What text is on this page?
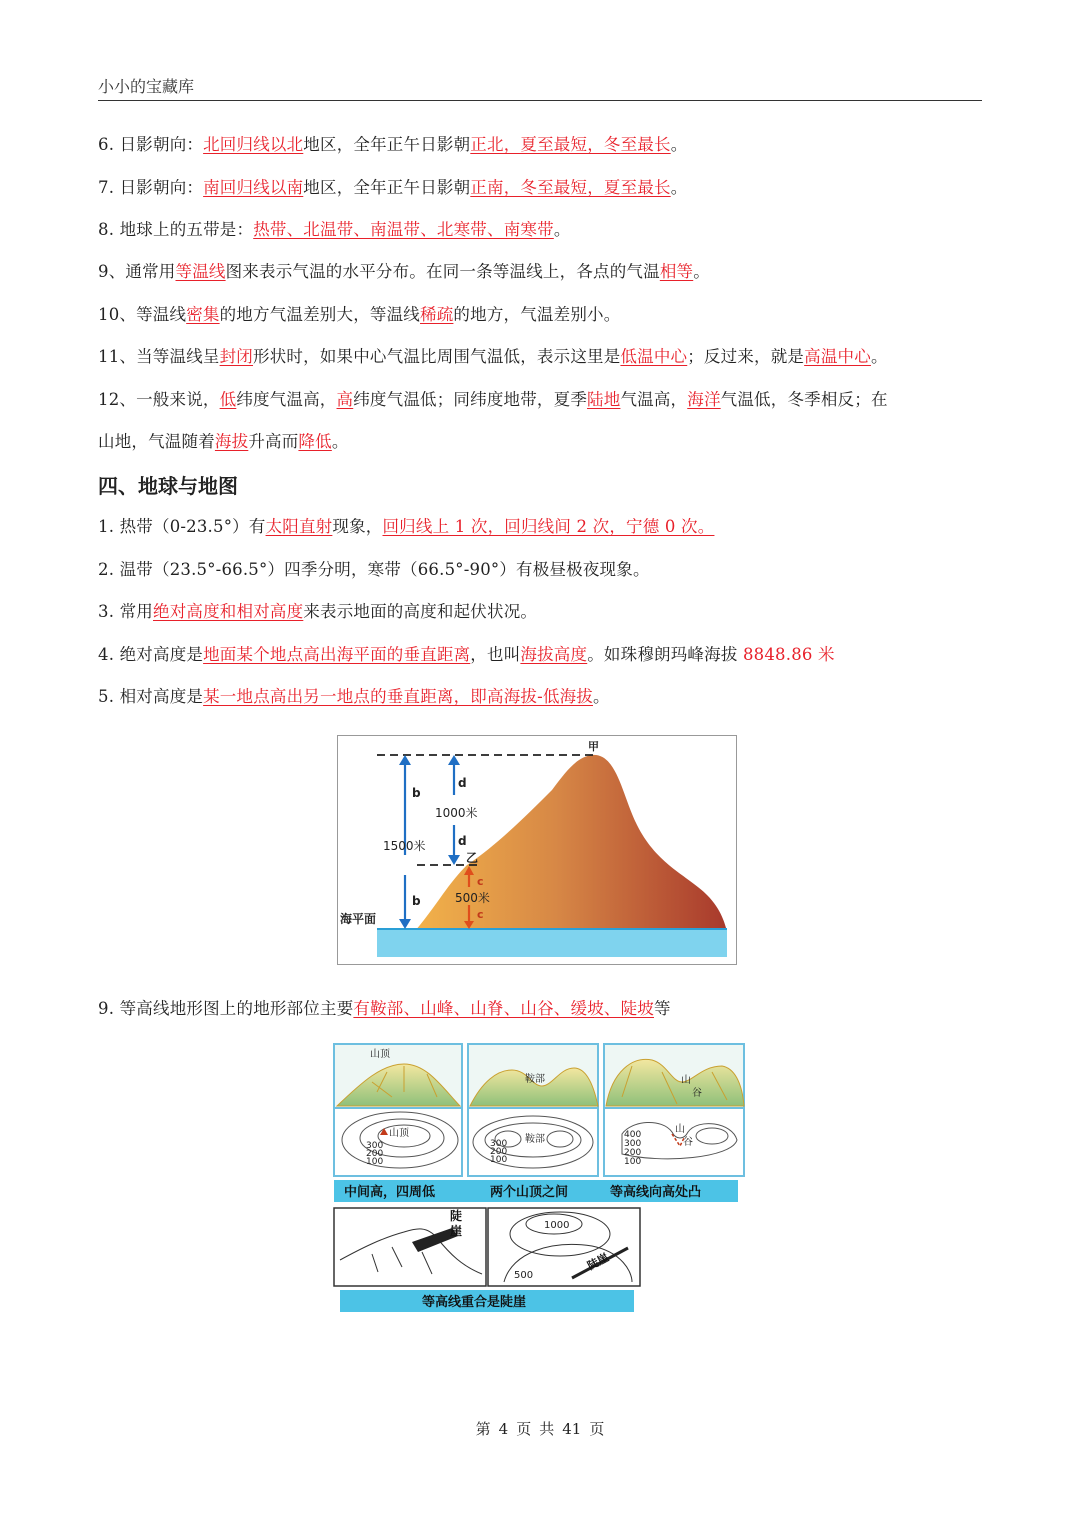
小小的宝藏库
6. 日影朝向：北回归线以北地区，全年正午日影朝正北，夏至最短，冬至最长。
7. 日影朝向：南回归线以南地区，全年正午日影朝正南，冬至最短，夏至最长。
8. 地球上的五带是：热带、北温带、南温带、北寒带、南寒带。
9、通常用等温线图来表示气温的水平分布。在同一条等温线上，各点的气温相等。
10、等温线密集的地方气温差别大，等温线稀疏的地方，气温差别小。
11、当等温线呈封闭形状时，如果中心气温比周围气温低，表示这里是低温中心；反过来，就是高温中心。
12、一般来说，低纬度气温高，高纬度气温低；同纬度地带，夏季陆地气温高，海洋气温低，冬季相反；在
山地，气温随着海拔升高而降低。
四、地球与地图
1. 热带（0-23.5°）有太阳直射现象，回归线上 1 次，回归线间 2 次，宁德 0 次。
2. 温带（23.5°-66.5°）四季分明，寒带（66.5°-90°）有极昼极夜现象。
3. 常用绝对高度和相对高度来表示地面的高度和起伏状况。
4. 绝对高度是地面某个地点高出海平面的垂直距离，也叫海拔高度。如珠穆朗玛峰海拔 8848.86 米
5. 相对高度是某一地点高出另一地点的垂直距离，即高海拔-低海拔。
甲
乙
b
b
d
d
c
c
1000米
1500米
500米
海平面
9. 等高线地形图上的地形部位主要有鞍部、山峰、山脊、山谷、缓坡、陡坡等
山顶
山顶
300
200
100
鞍部
鞍部
300
200
100
山
谷
山
谷
400
300
200
100
中间高，四周低	两个山顶之间	等高线向高处凸
陡
崖	1000
500
陡崖
等高线重合是陡崖
第 4 页 共 41 页
